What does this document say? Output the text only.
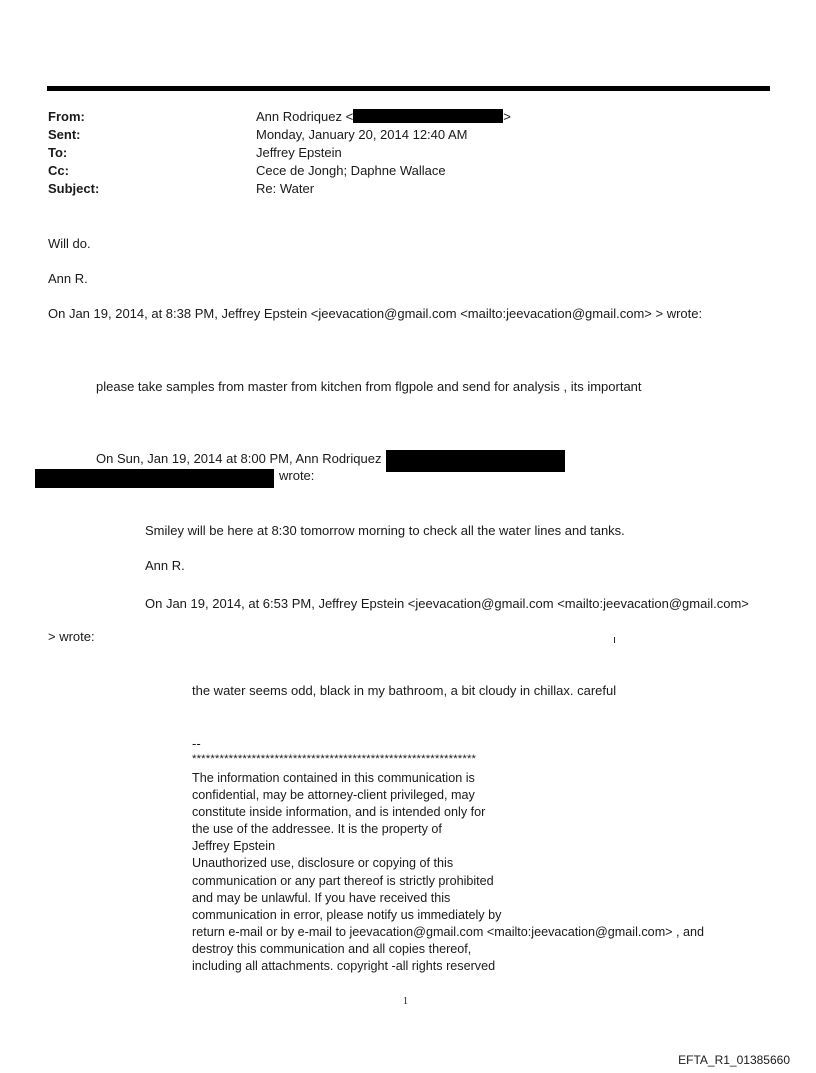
From:	Ann Rodriquez <	>
Sent:	Monday, January 20, 2014 12:40 AM
To:	Jeffrey Epstein
Cc:	Cece de Jongh; Daphne Wallace
Subject:	Re: Water
Will do.
Ann R.
On Jan 19, 2014, at 8:38 PM, Jeffrey Epstein <jeevacation@gmail.com <mailto:jeevacation@gmail.com> > wrote:
please take samples from master from kitchen from flgpole and send for analysis , its important
On Sun, Jan 19, 2014 at 8:00 PM, Ann Rodriquez
wrote:
Smiley will be here at 8:30 tomorrow morning to check all the water lines and tanks.
Ann R.
On Jan 19, 2014, at 6:53 PM, Jeffrey Epstein <jeevacation@gmail.com <mailto:jeevacation@gmail.com>
> wrote:	ı
the water seems odd, black in my bathroom, a bit cloudy in chillax. careful
--
**************************************************************
The information contained in this communication is
confidential, may be attorney-client privileged, may
constitute inside information, and is intended only for
the use of the addressee. It is the property of
Jeffrey Epstein
Unauthorized use, disclosure or copying of this
communication or any part thereof is strictly prohibited
and may be unlawful. If you have received this
communication in error, please notify us immediately by
return e-mail or by e-mail to jeevacation@gmail.com <mailto:jeevacation@gmail.com> , and
destroy this communication and all copies thereof,
including all attachments. copyright -all rights reserved
1
EFTA_R1_01385660
